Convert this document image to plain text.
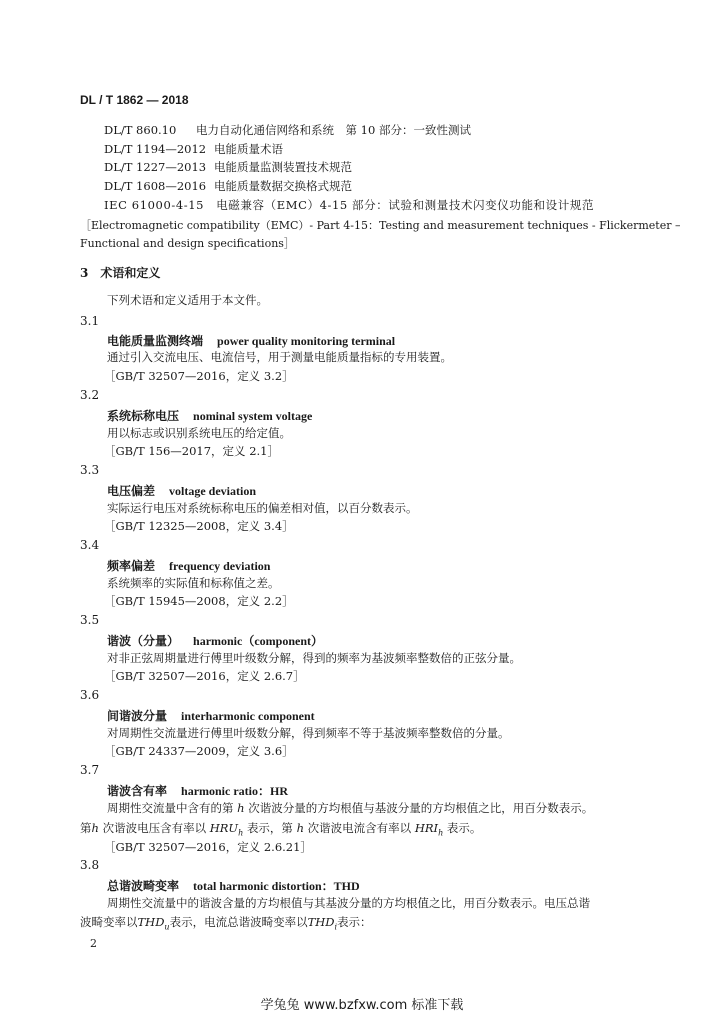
DL / T 1862 — 2018
DL/T 860.10 电力自动化通信网络和系统　第 10 部分：一致性测试
DL/T 1194—2012 电能质量术语
DL/T 1227—2013 电能质量监测装置技术规范
DL/T 1608—2016 电能质量数据交换格式规范
IEC 61000-4-15　电磁兼容（EMC）4-15 部分：试验和测量技术闪变仪功能和设计规范
［Electromagnetic compatibility（EMC）- Part 4-15：Testing and measurement techniques - Flickermeter –
Functional and design specifications］
3　术语和定义
下列术语和定义适用于本文件。
3.1
电能质量监测终端 power quality monitoring terminal
通过引入交流电压、电流信号，用于测量电能质量指标的专用装置。
［GB/T 32507—2016，定义 3.2］
3.2
系统标称电压 nominal system voltage
用以标志或识别系统电压的给定值。
［GB/T 156—2017，定义 2.1］
3.3
电压偏差 voltage deviation
实际运行电压对系统标称电压的偏差相对值，以百分数表示。
［GB/T 12325—2008，定义 3.4］
3.4
频率偏差 frequency deviation
系统频率的实际值和标称值之差。
［GB/T 15945—2008，定义 2.2］
3.5
谐波（分量） harmonic（component）
对非正弦周期量进行傅里叶级数分解，得到的频率为基波频率整数倍的正弦分量。
［GB/T 32507—2016，定义 2.6.7］
3.6
间谐波分量 interharmonic component
对周期性交流量进行傅里叶级数分解，得到频率不等于基波频率整数倍的分量。
［GB/T 24337—2009，定义 3.6］
3.7
谐波含有率 harmonic ratio：HR
周期性交流量中含有的第 h 次谐波分量的方均根值与基波分量的方均根值之比，用百分数表示。
第h 次谐波电压含有率以 $HRU_h$ 表示，第 h 次谐波电流含有率以 $HRI_h$ 表示。
［GB/T 32507—2016，定义 2.6.21］
3.8
总谐波畸变率 total harmonic distortion：THD
周期性交流量中的谐波含量的方均根值与其基波分量的方均根值之比，用百分数表示。电压总谐
波畸变率以$THD_u$表示，电流总谐波畸变率以$THD_i$表示：
2
学兔兔 www.bzfxw.com 标准下载
